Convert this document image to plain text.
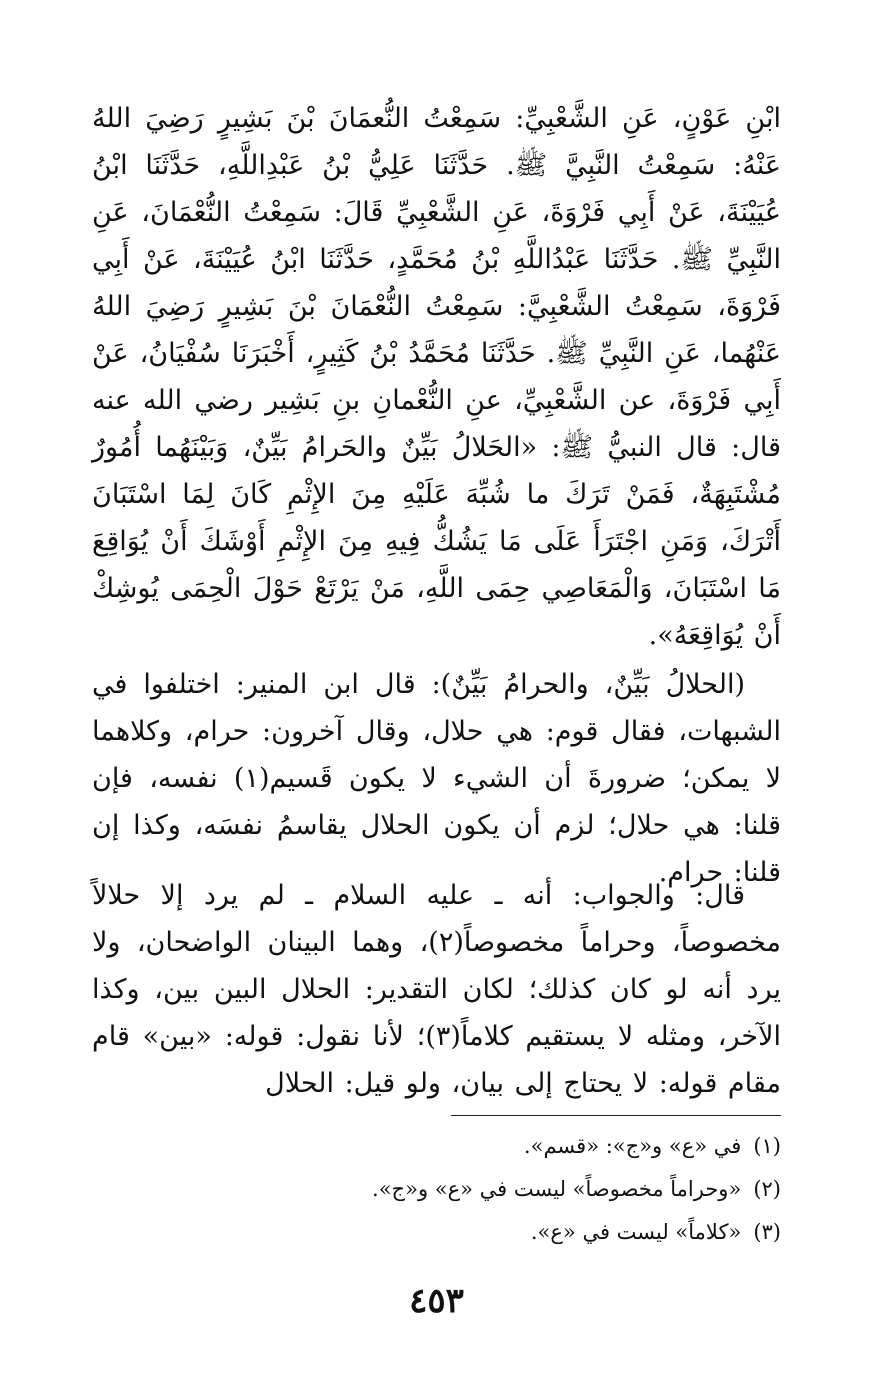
ابْنِ عَوْنٍ، عَنِ الشَّعْبِيِّ: سَمِعْتُ النُّعمَانَ بْنَ بَشِيرٍ رَضِيَ اللهُ عَنْهُ: سَمِعْتُ النَّبِيَّ ﷺ. حَدَّثَنَا عَلِيُّ بْنُ عَبْدِاللَّهِ، حَدَّثَنَا ابْنُ عُيَيْنَةَ، عَنْ أَبِي فَرْوَةَ، عَنِ الشَّعْبِيِّ قَالَ: سَمِعْتُ النُّعْمَانَ، عَنِ النَّبِيِّ ﷺ. حَدَّثَنَا عَبْدُاللَّهِ بْنُ مُحَمَّدٍ، حَدَّثَنَا ابْنُ عُيَيْنَةَ، عَنْ أَبِي فَرْوَةَ، سَمِعْتُ الشَّعْبِيَّ: سَمِعْتُ النُّعْمَانَ بْنَ بَشِيرٍ رَضِيَ اللهُ عَنْهُما، عَنِ النَّبِيِّ ﷺ. حَدَّثَنَا مُحَمَّدُ بْنُ كَثِيرٍ، أَخْبَرَنَا سُفْيَانُ، عَنْ أَبِي فَرْوَةَ، عن الشَّعْبِيِّ، عنِ النُّعْمانِ بنِ بَشِير رضي الله عنه قال: قال النبيُّ ﷺ: «الحَلالُ بَيِّنٌ والحَرامُ بَيِّنٌ، وَبَيْنَهُما أُمُورٌ مُشْتَبِهَةٌ، فَمَنْ تَرَكَ ما شُبِّهَ عَلَيْهِ مِنَ الإِثْمِ كَانَ لِمَا اسْتَبَانَ أَتْرَكَ، وَمَنِ اجْتَرَأَ عَلَى مَا يَشُكُّ فِيهِ مِنَ الإِثْمِ أَوْشَكَ أَنْ يُوَاقِعَ مَا اسْتَبَانَ، وَالْمَعَاصِي حِمَى اللَّهِ، مَنْ يَرْتَعْ حَوْلَ الْحِمَى يُوشِكْ أَنْ يُوَاقِعَهُ».

(الحلالُ بَيِّنٌ، والحرامُ بَيِّنٌ): قال ابن المنير: اختلفوا في الشبهات، فقال قوم: هي حلال، وقال آخرون: حرام، وكلاهما لا يمكن؛ ضرورةَ أن الشيء لا يكون قَسيم(١) نفسه، فإن قلنا: هي حلال؛ لزم أن يكون الحلال يقاسمُ نفسَه، وكذا إن قلنا: حرام.

قال: والجواب: أنه ـ عليه السلام ـ لم يرد إلا حلالاً مخصوصاً، وحراماً مخصوصاً(٢)، وهما البينان الواضحان، ولا يرد أنه لو كان كذلك؛ لكان التقدير: الحلال البين بين، وكذا الآخر، ومثله لا يستقيم كلاماً(٣)؛ لأنا نقول: قوله: «بين» قام مقام قوله: لا يحتاج إلى بيان، ولو قيل: الحلال

(١)في «ع» و«ج»: «قسم».
(٢)«وحراماً مخصوصاً» ليست في «ع» و«ج».
(٣)«كلاماً» ليست في «ع».
٤٥٣
